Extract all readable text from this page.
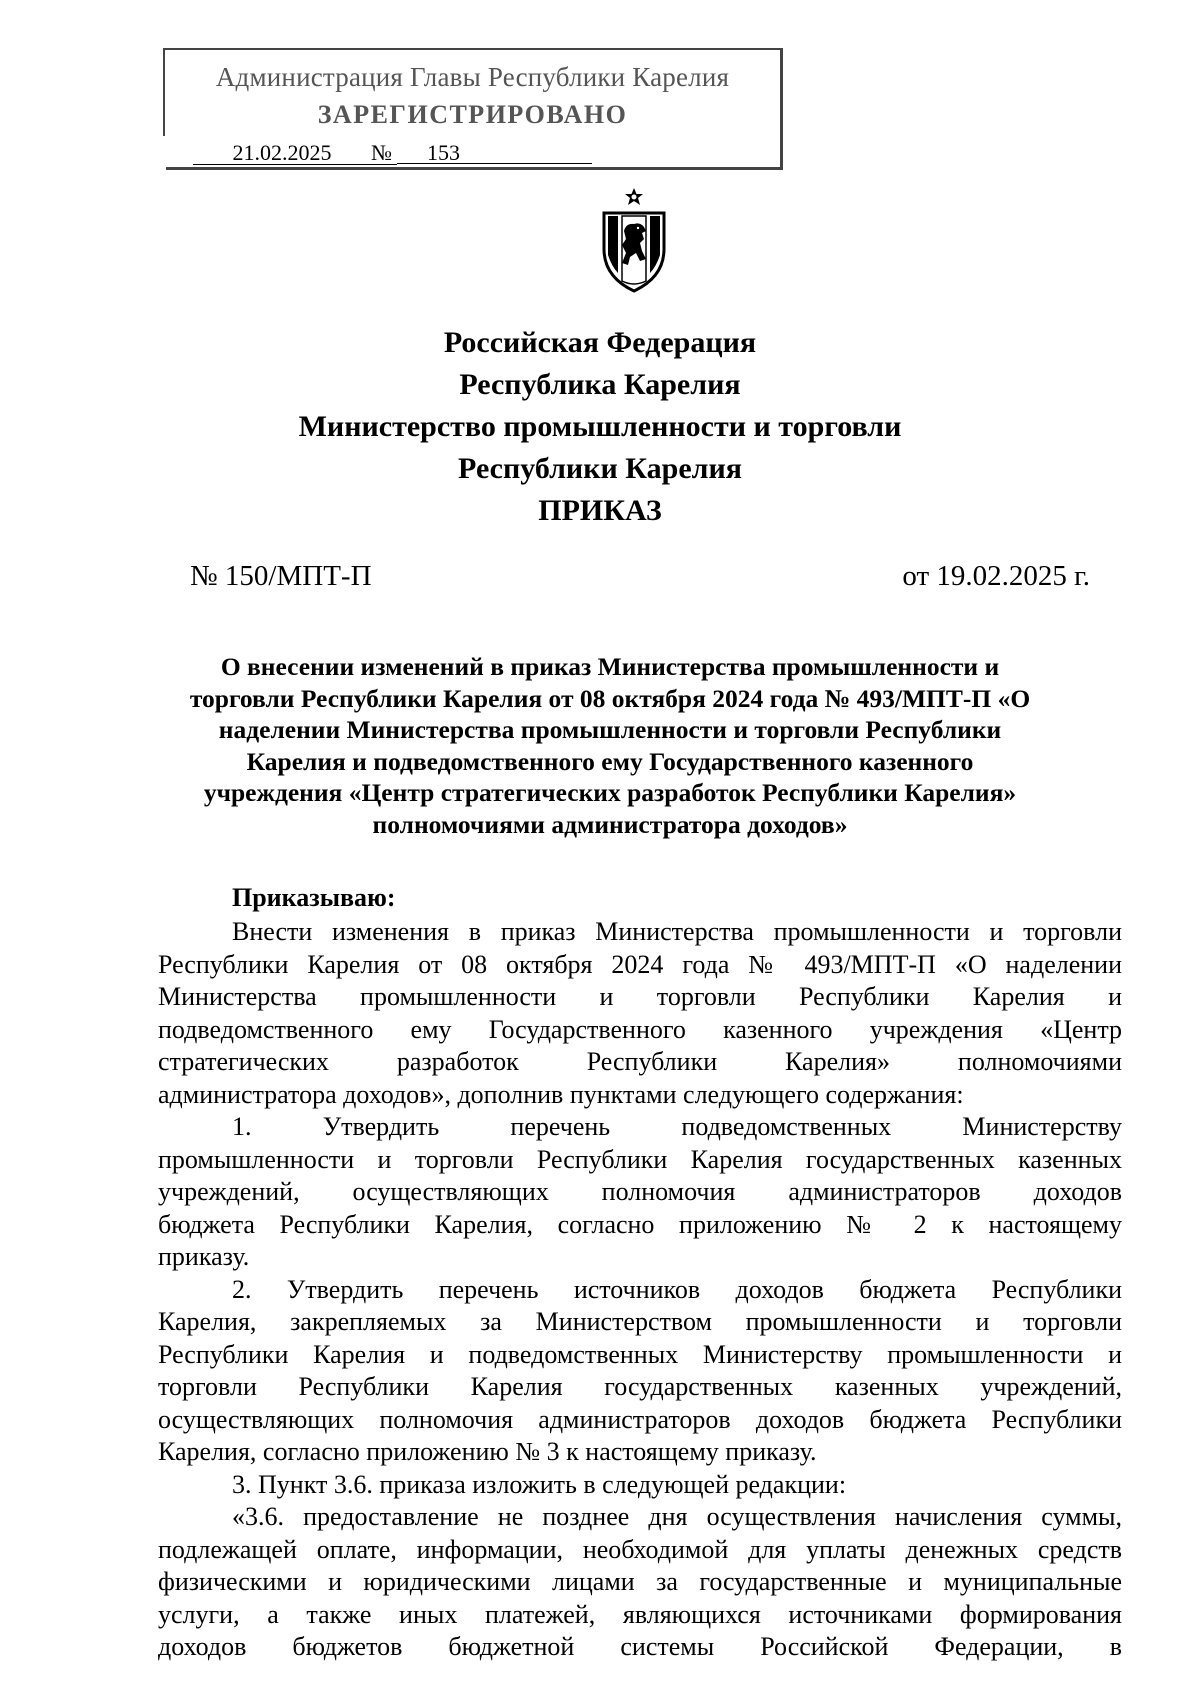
Администрация Главы Республики Карелия
ЗАРЕГИСТРИРОВАНО
21.02.2025 № 153
Российская Федерация
Республика Карелия
Министерство промышленности и торговли
Республики Карелия
ПРИКАЗ
№ 150/МПТ-П	от 19.02.2025 г.
О внесении изменений в приказ Министерства промышленности и
торговли Республики Карелия от 08 октября 2024 года № 493/МПТ-П «О
наделении Министерства промышленности и торговли Республики
Карелия и подведомственного ему Государственного казенного
учреждения «Центр стратегических разработок Республики Карелия»
полномочиями администратора доходов»
Приказываю:
Внести изменения в приказ Министерства промышленности и торговли
Республики Карелия от 08 октября 2024 года № 493/МПТ-П «О наделении
Министерства промышленности и торговли Республики Карелия и
подведомственного ему Государственного казенного учреждения «Центр
стратегических разработок Республики Карелия» полномочиями
администратора доходов», дополнив пунктами следующего содержания:
1. Утвердить перечень подведомственных Министерству
промышленности и торговли Республики Карелия государственных казенных
учреждений, осуществляющих полномочия администраторов доходов
бюджета Республики Карелия, согласно приложению № 2 к настоящему
приказу.
2. Утвердить перечень источников доходов бюджета Республики
Карелия, закрепляемых за Министерством промышленности и торговли
Республики Карелия и подведомственных Министерству промышленности и
торговли Республики Карелия государственных казенных учреждений,
осуществляющих полномочия администраторов доходов бюджета Республики
Карелия, согласно приложению № 3 к настоящему приказу.
3. Пункт 3.6. приказа изложить в следующей редакции:
«3.6. предоставление не позднее дня осуществления начисления суммы,
подлежащей оплате, информации, необходимой для уплаты денежных средств
физическими и юридическими лицами за государственные и муниципальные
услуги, а также иных платежей, являющихся источниками формирования
доходов бюджетов бюджетной системы Российской Федерации, в
